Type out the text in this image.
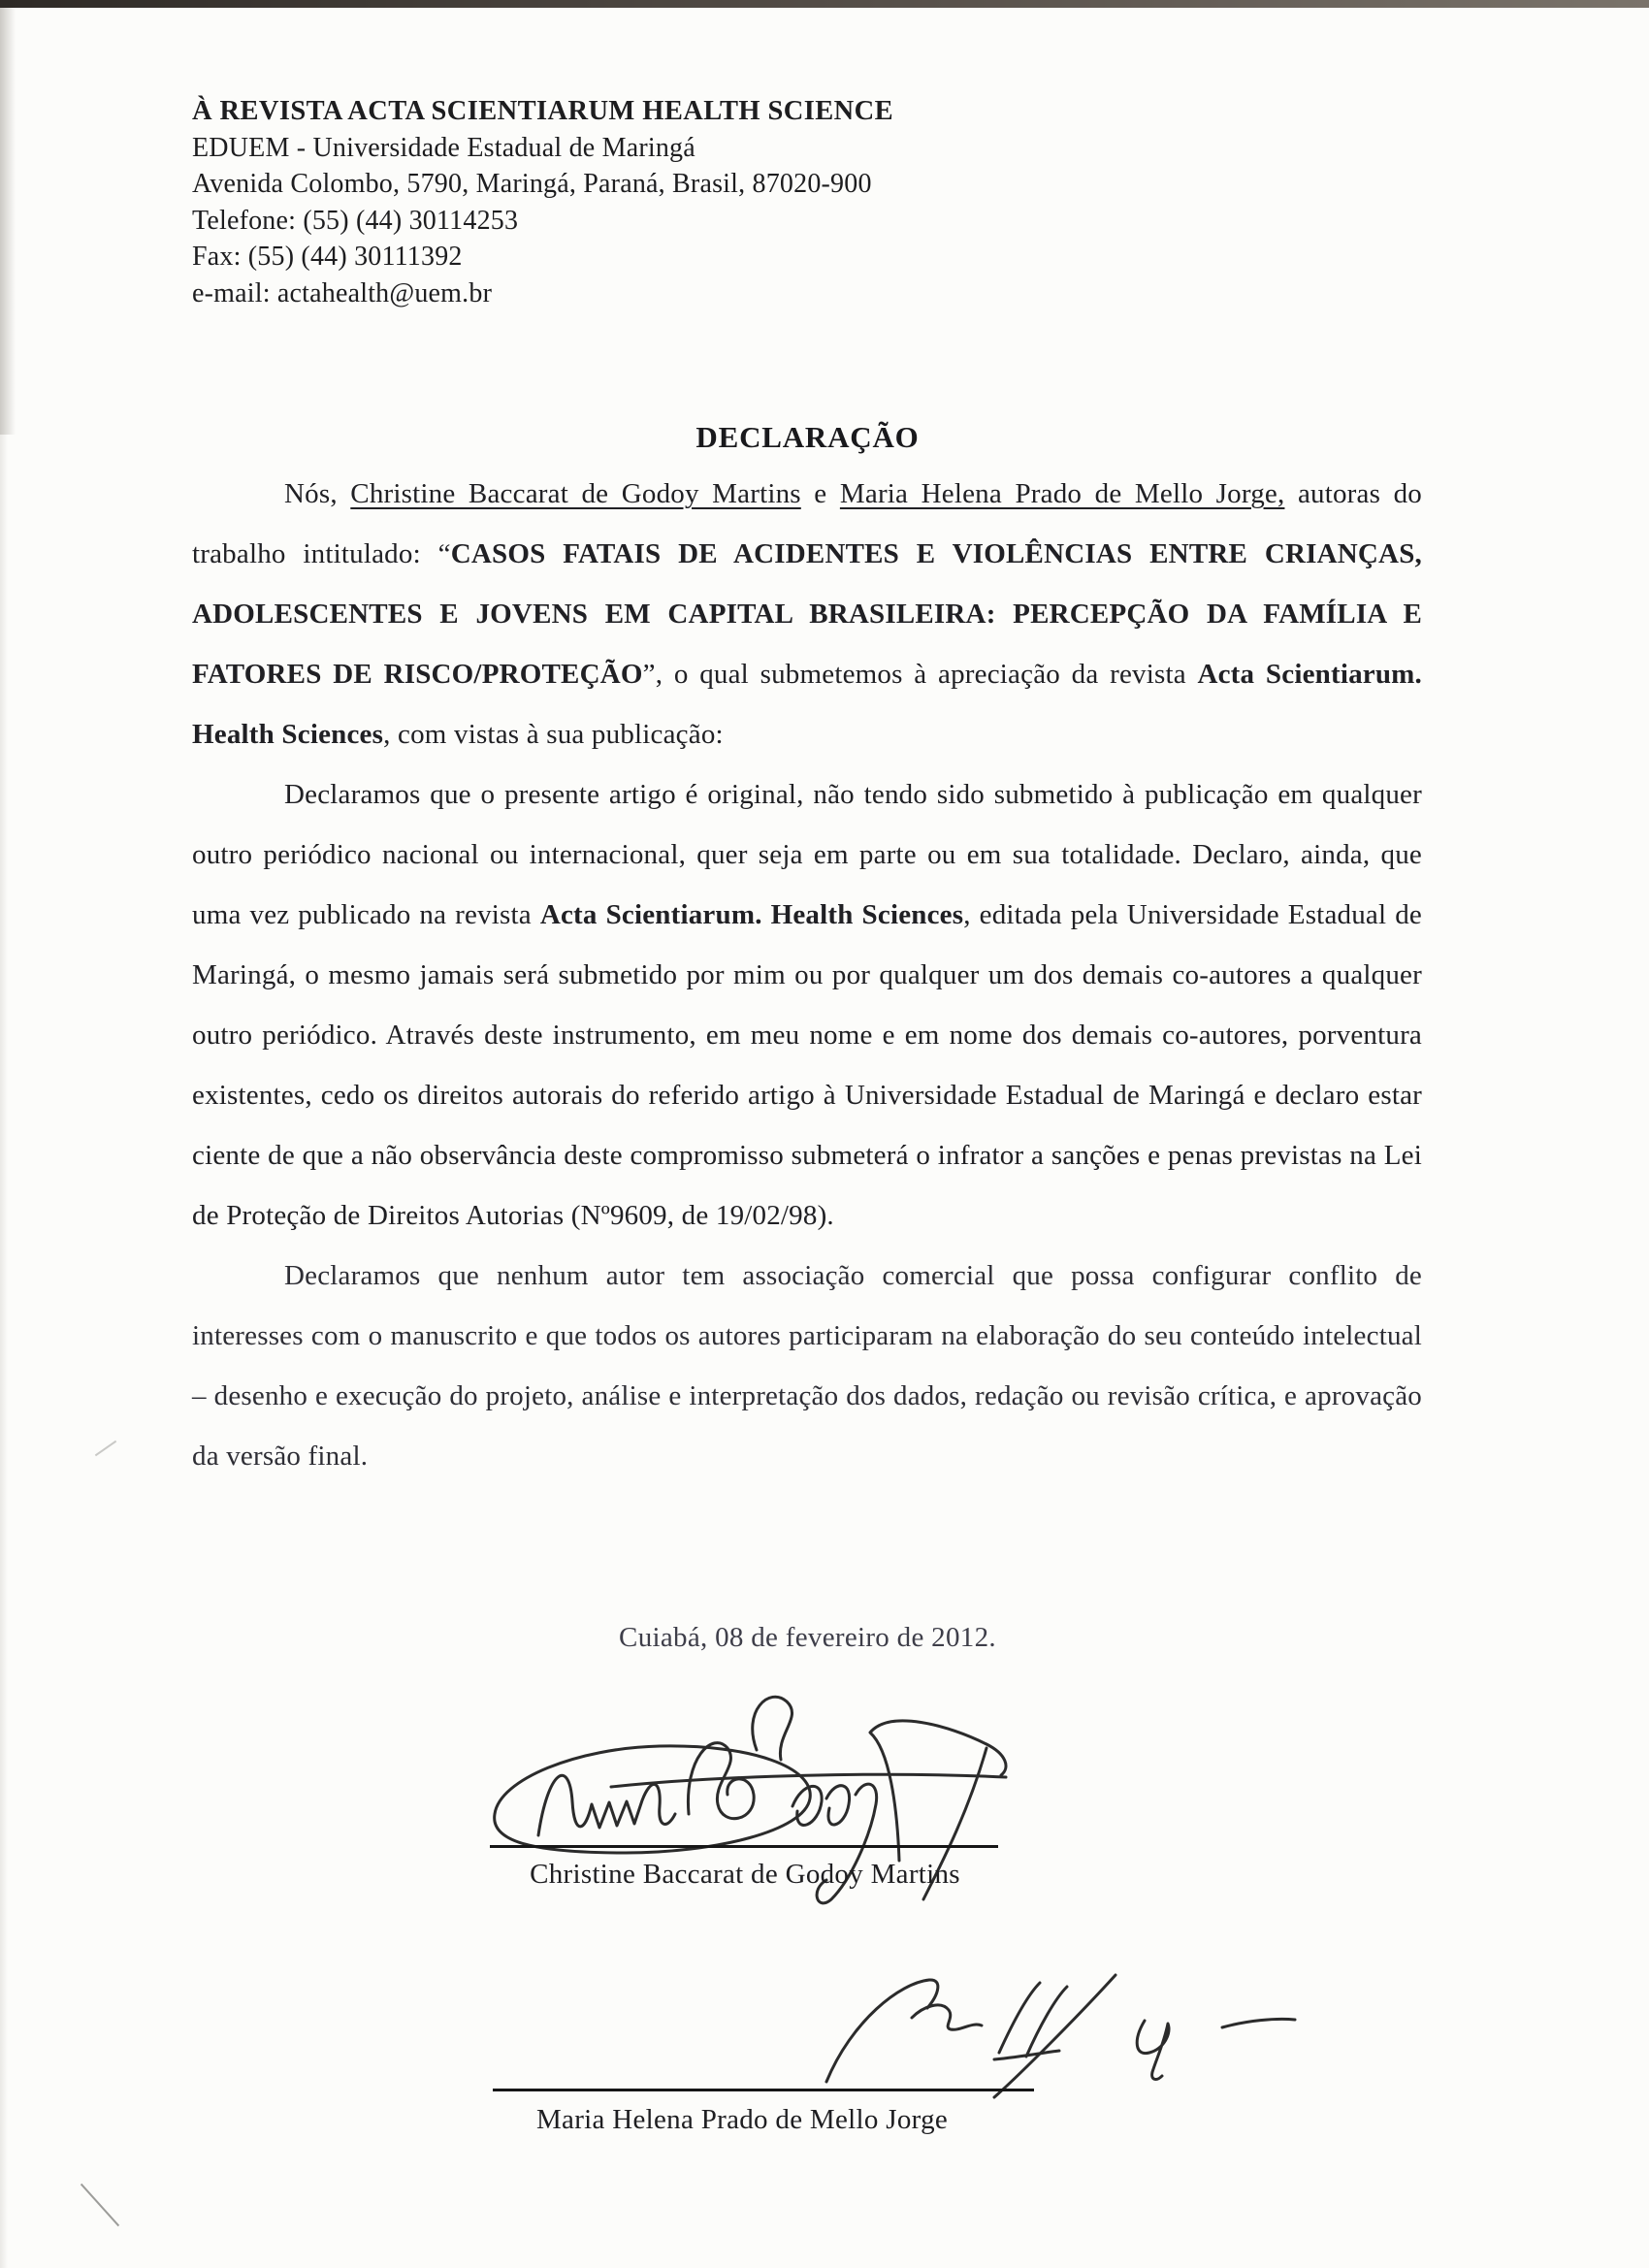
À REVISTA ACTA SCIENTIARUM HEALTH SCIENCE
EDUEM - Universidade Estadual de Maringá
Avenida Colombo, 5790, Maringá, Paraná, Brasil, 87020-900
Telefone: (55) (44) 30114253
Fax: (55) (44) 30111392
e-mail: actahealth@uem.br
DECLARAÇÃO

Nós, Christine Baccarat de Godoy Martins e Maria Helena Prado de Mello Jorge, autoras do trabalho intitulado: “CASOS FATAIS DE ACIDENTES E VIOLÊNCIAS ENTRE CRIANÇAS, ADOLESCENTES E JOVENS EM CAPITAL BRASILEIRA: PERCEPÇÃO DA FAMÍLIA E FATORES DE RISCO/PROTEÇÃO”, o qual submetemos à apreciação da revista Acta Scientiarum. Health Sciences, com vistas à sua publicação:

Declaramos que o presente artigo é original, não tendo sido submetido à publicação em qualquer outro periódico nacional ou internacional, quer seja em parte ou em sua totalidade. Declaro, ainda, que uma vez publicado na revista Acta Scientiarum. Health Sciences, editada pela Universidade Estadual de Maringá, o mesmo jamais será submetido por mim ou por qualquer um dos demais co-autores a qualquer outro periódico. Através deste instrumento, em meu nome e em nome dos demais co-autores, porventura existentes, cedo os direitos autorais do referido artigo à Universidade Estadual de Maringá e declaro estar ciente de que a não observância deste compromisso submeterá o infrator a sanções e penas previstas na Lei de Proteção de Direitos Autorias (Nº9609, de 19/02/98).

Declaramos que nenhum autor tem associação comercial que possa configurar conflito de interesses com o manuscrito e que todos os autores participaram na elaboração do seu conteúdo intelectual – desenho e execução do projeto, análise e interpretação dos dados, redação ou revisão crítica, e aprovação da versão final.

Cuiabá, 08 de fevereiro de 2012.
Christine Baccarat de Godoy Martins
Maria Helena Prado de Mello Jorge
